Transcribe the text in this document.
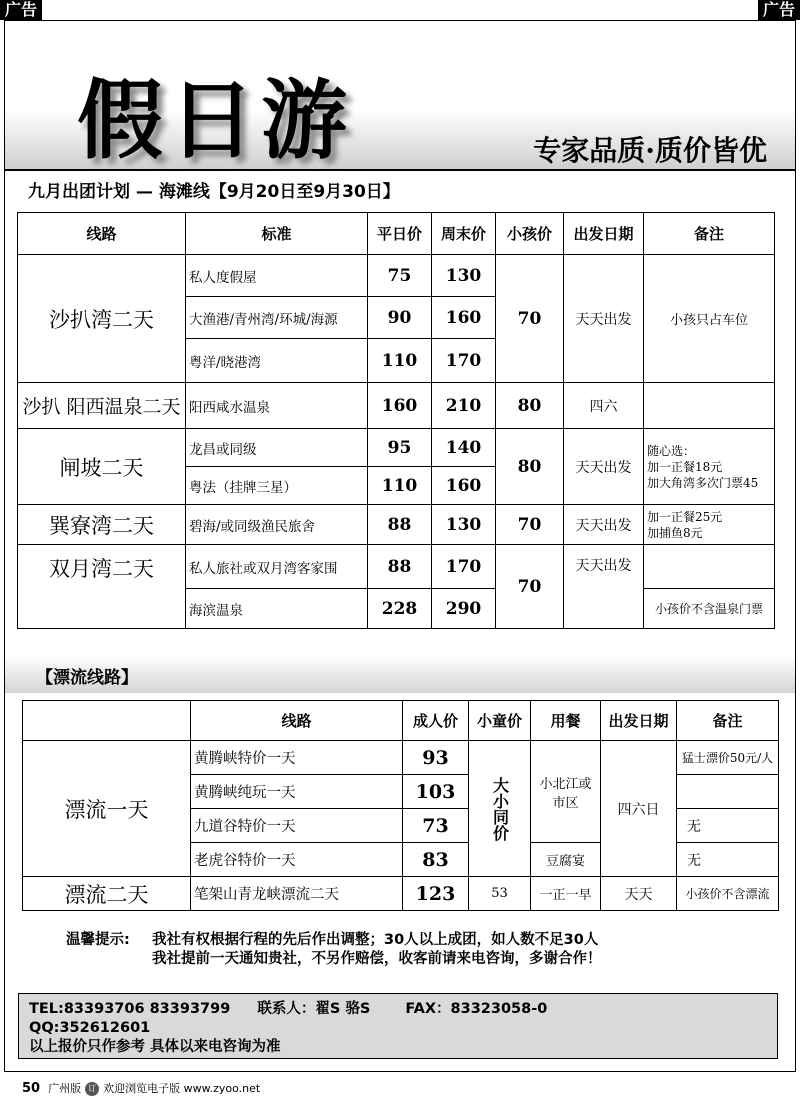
广告	广告
假日游	专家品质·质价皆优
九月出团计划 — 海滩线【9月20日至9月30日】
线路	标准	平日价	周末价	小孩价	出发日期	备注
沙扒湾二天	私人度假屋	75	130	70	天天出发	小孩只占车位
	大渔港/青州湾/环城/海源	90	160			
	粤洋/晓港湾	110	170			
沙扒 阳西温泉二天	阳西咸水温泉	160	210	80	四六	
闸坡二天	龙昌或同级	95	140	80	天天出发	随心选：
加一正餐18元
加大角湾多次门票45

	粤法（挂牌三星）	110	160			
巽寮湾二天	碧海/或同级渔民旅舍	88	130	70	天天出发	加一正餐25元
加捕鱼8元

双月湾二天	私人旅社或双月湾客家围	88	170	70	天天出发	
	海滨温泉	228	290			小孩价不含温泉门票
【漂流线路】
	线路	成人价	小童价	用餐	出发日期	备注
漂流一天	黄腾峡特价一天	93	大小同价	小北江或市区	四六日	猛士漂价50元/人
	黄腾峡纯玩一天	103				
	九道谷特价一天	73				无
	老虎谷特价一天	83		豆腐宴		无
漂流二天	笔架山青龙峡漂流二天	123	53	一正一早	天天	小孩价不含漂流
温馨提示: 我社有权根据行程的先后作出调整；30人以上成团，如人数不足30人
我社提前一天通知贵社，不另作赔偿，收客前请来电咨询，多谢合作！
TEL:83393706 83393799 联系人：翟S 骆S FAX：83323058-0
QQ:352612601
以上报价只作参考 具体以来电咨询为准
50 广州版 订 欢迎浏览电子版 www.zyoo.net
